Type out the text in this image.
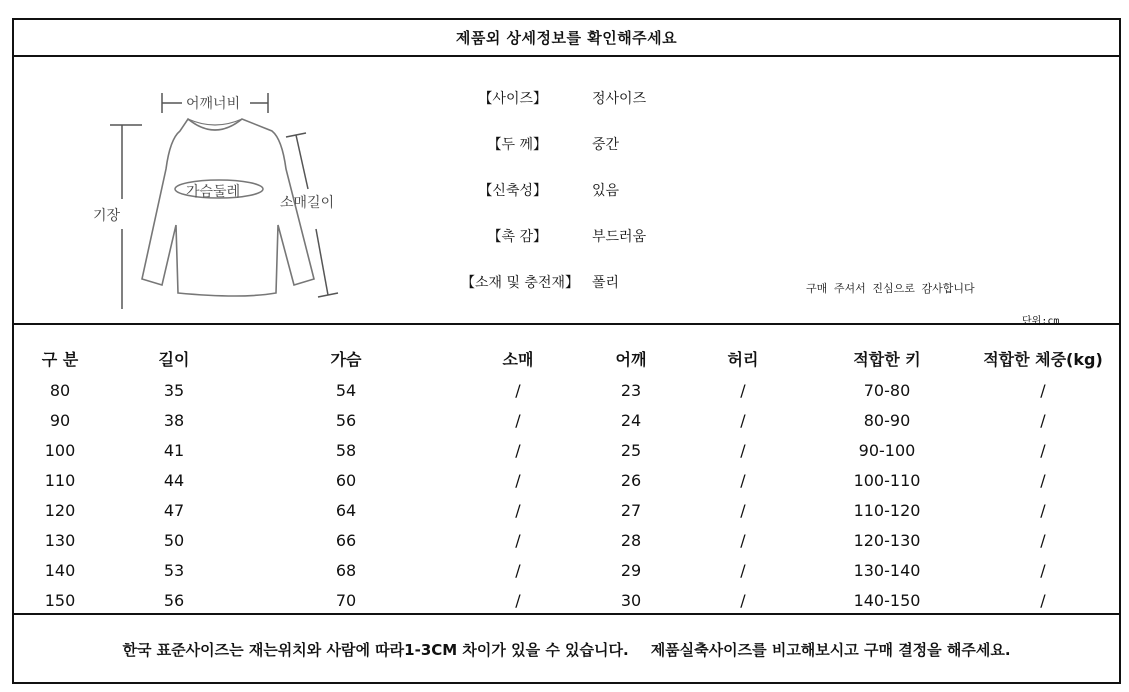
제품외 상세정보를 확인해주세요
어깨너비
가슴둘레
소매길이
기장
【사이즈】	정사이즈
【두 께】	중간
【신축성】	있음
【촉 감】	부드러움
【소재 및 충전재】 폴리	구매 주셔서 진심으로 감사합니다
단위:cm
구 분	길이	가슴	소매	어깨	허리	적합한 키	적합한 체중(kg)
80	35	54	/	23	/	70-80	/
90	38	56	/	24	/	80-90	/
100	41	58	/	25	/	90-100	/
110	44	60	/	26	/	100-110	/
120	47	64	/	27	/	110-120	/
130	50	66	/	28	/	120-130	/
140	53	68	/	29	/	130-140	/
150	56	70	/	30	/	140-150	/
한국 표준사이즈는 재는위치와 사람에 따라1-3CM 차이가 있을 수 있습니다. 제품실축사이즈를 비고해보시고 구매 결정을 해주세요.
